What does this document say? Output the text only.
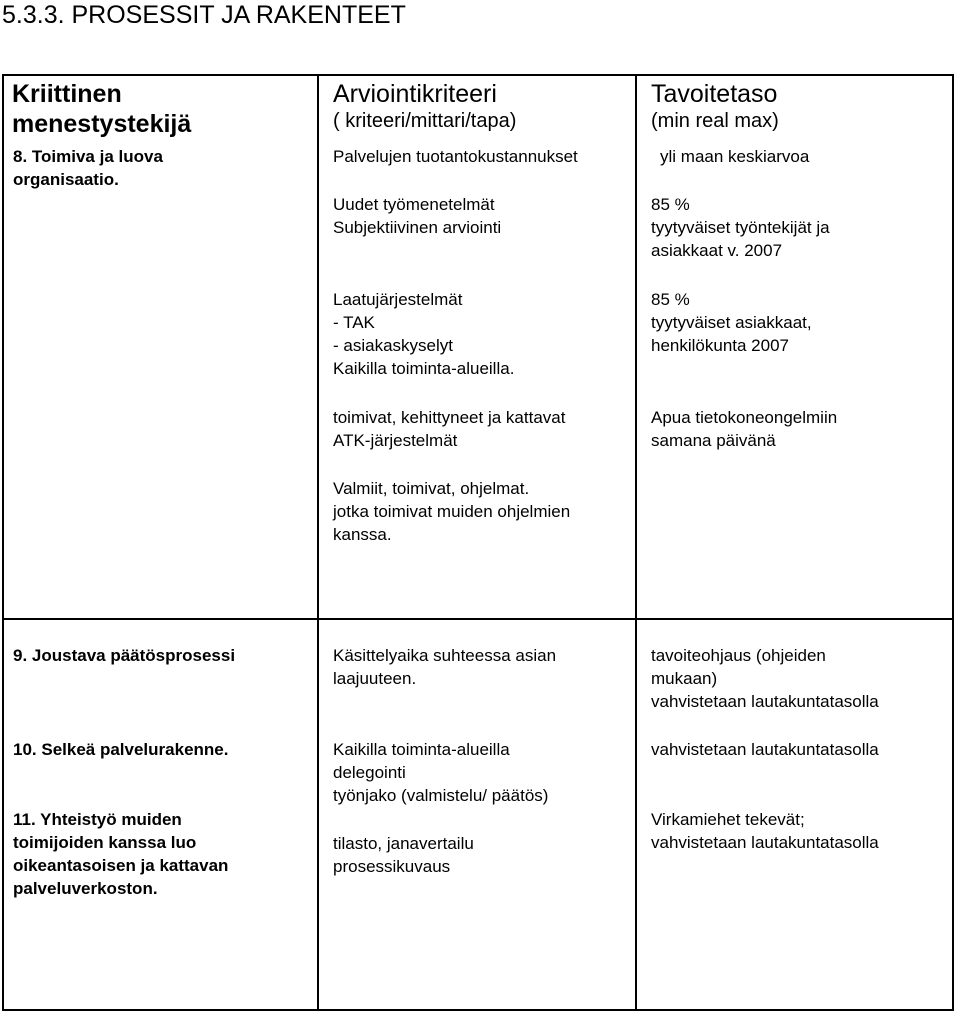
5.3.3. PROSESSIT JA RAKENTEET
Kriittinen
menestystekijä
Arviointikriteeri
( kriteeri/mittari/tapa)
Tavoitetaso
(min real max)
8. Toimiva ja luova
organisaatio.
Palvelujen tuotantokustannukset
Uudet työmenetelmät
Subjektiivinen arviointi
Laatujärjestelmät
- TAK
- asiakaskyselyt
Kaikilla toiminta-alueilla.
toimivat, kehittyneet ja kattavat
ATK-järjestelmät
Valmiit, toimivat, ohjelmat.
jotka toimivat muiden ohjelmien
kanssa.
yli maan keskiarvoa
85 %
tyytyväiset työntekijät ja
asiakkaat v. 2007
85 %
tyytyväiset asiakkaat,
henkilökunta 2007
Apua tietokoneongelmiin
samana päivänä
9. Joustava päätösprosessi	Käsittelyaika suhteessa asian
laajuuteen.
tavoiteohjaus (ohjeiden
mukaan)
vahvistetaan lautakuntatasolla
10. Selkeä palvelurakenne.	Kaikilla toiminta-alueilla
delegointi
työnjako (valmistelu/ päätös)
vahvistetaan lautakuntatasolla
11. Yhteistyö muiden
toimijoiden kanssa luo
oikeantasoisen ja kattavan
palveluverkoston.
tilasto, janavertailu
prosessikuvaus
Virkamiehet tekevät;
vahvistetaan lautakuntatasolla
